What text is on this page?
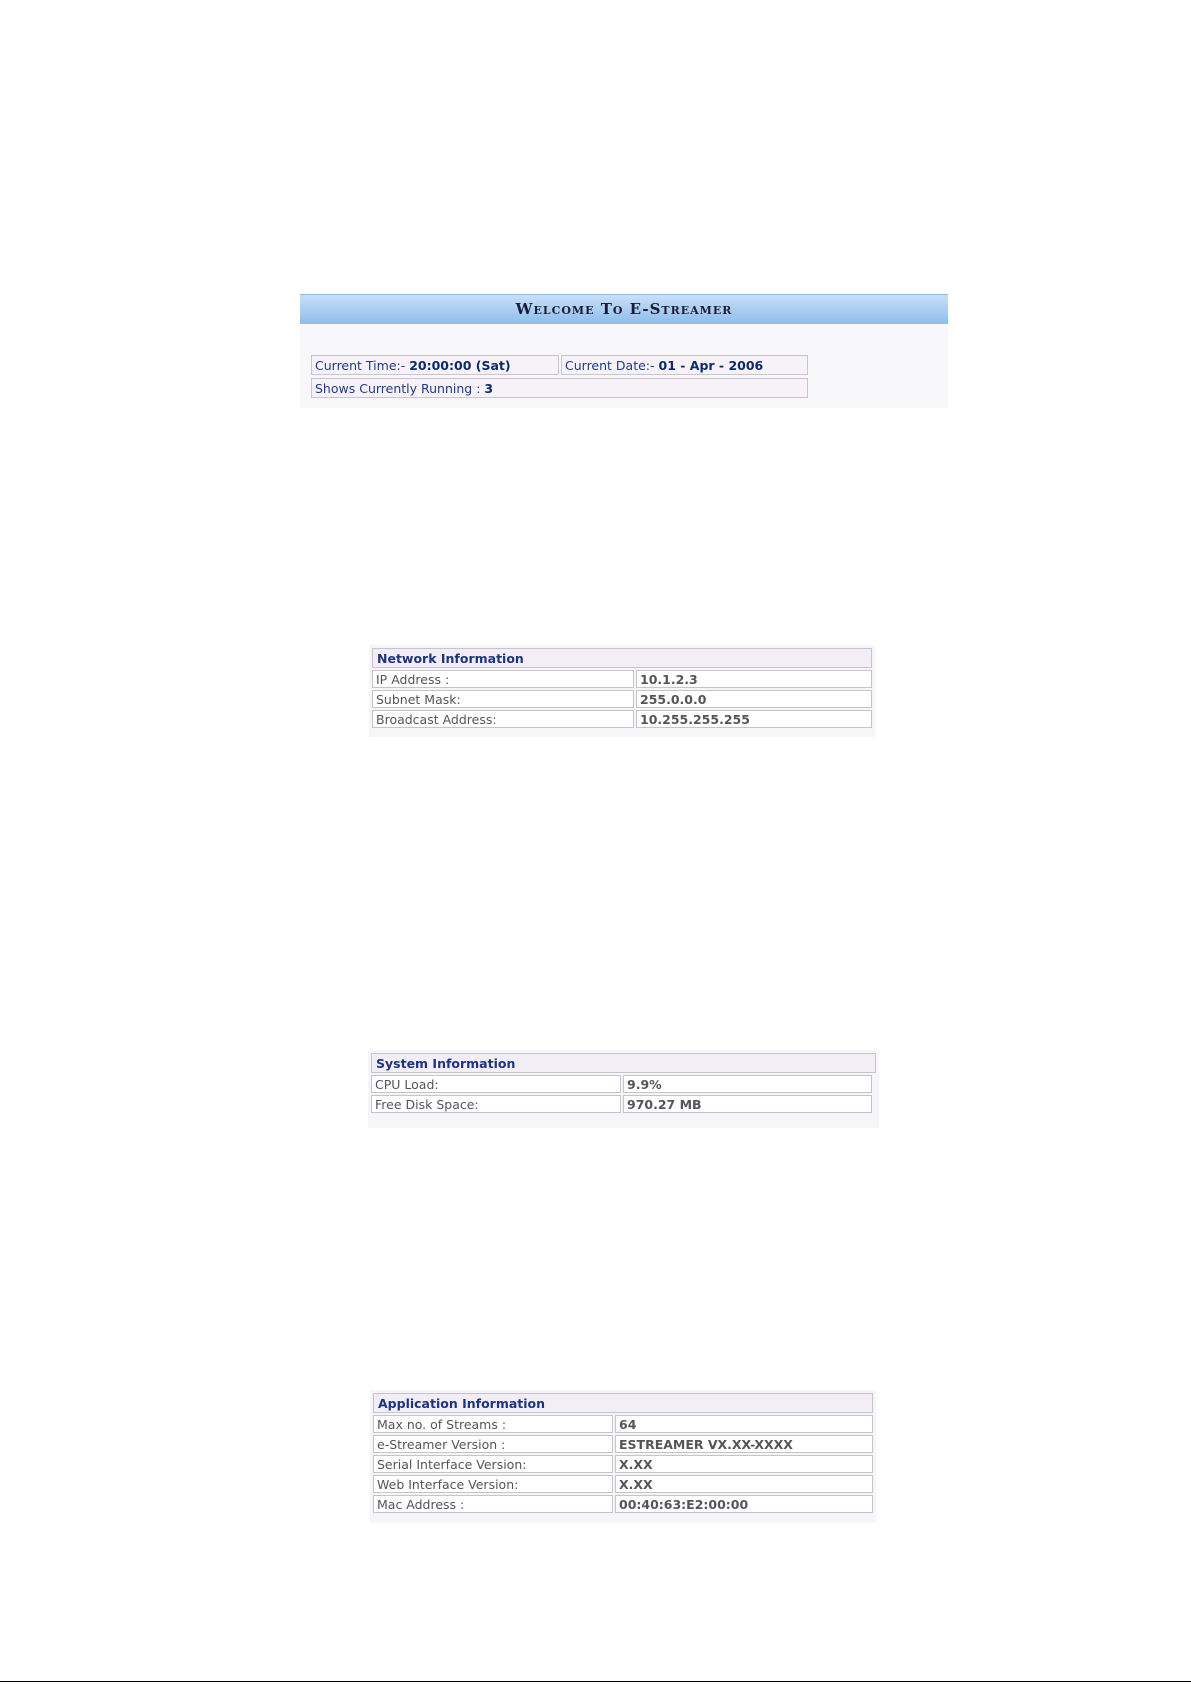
Welcome To E-Streamer
Current Time:- 20:00:00 (Sat)	Current Date:- 01 - Apr - 2006
Shows Currently Running : 3
Network Information
IP Address :	10.1.2.3
Subnet Mask:	255.0.0.0
Broadcast Address:	10.255.255.255
System Information
CPU Load:	9.9%
Free Disk Space:	970.27 MB
Application Information
Max no. of Streams :	64
e-Streamer Version :	ESTREAMER VX.XX-XXXX
Serial Interface Version:	X.XX
Web Interface Version:	X.XX
Mac Address :	00:40:63:E2:00:00
